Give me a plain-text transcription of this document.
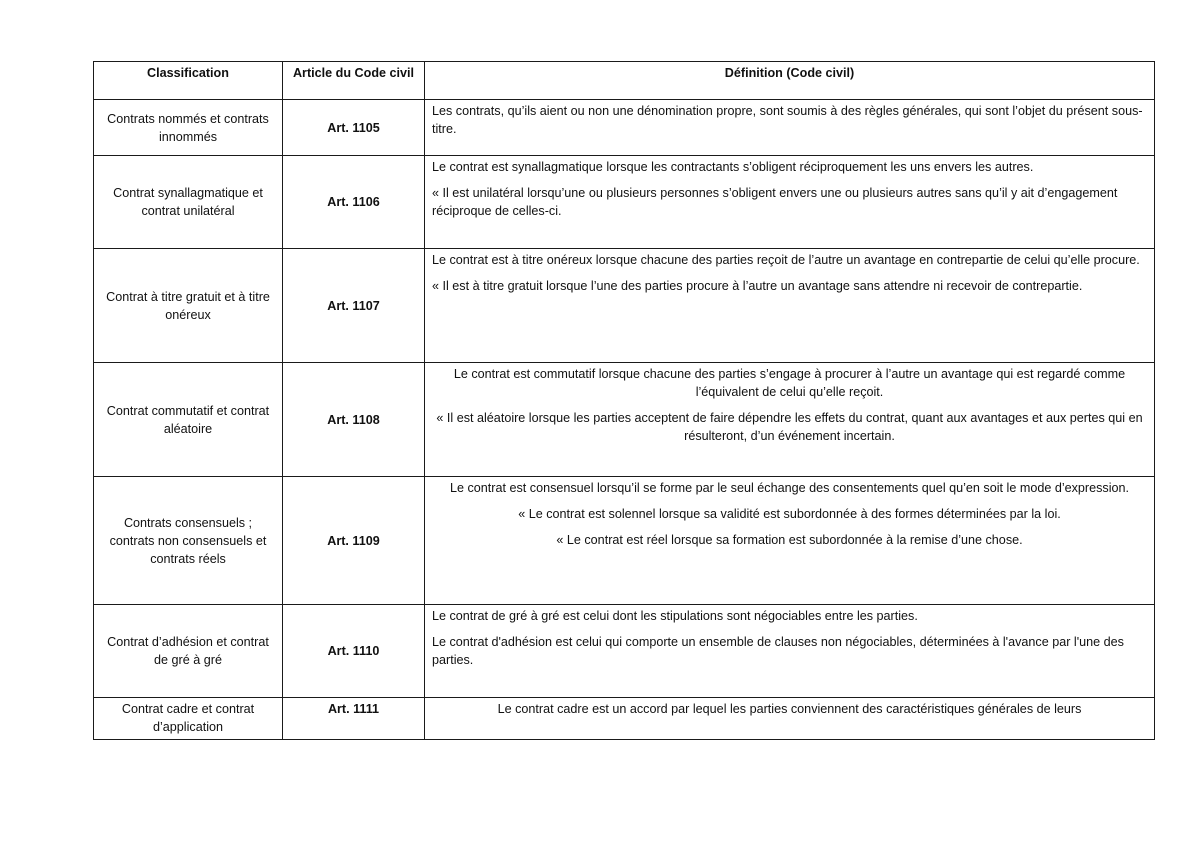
Classification	Article du Code civil	Définition (Code civil)
Contrats nommés et contrats innommés	Art. 1105	Les contrats, qu’ils aient ou non une dénomination propre, sont soumis à des règles générales, qui sont l’objet du présent sous-titre.

Contrat synallagmatique et contrat unilatéral	Art. 1106	Le contrat est synallagmatique lorsque les contractants s’obligent réciproquement les uns envers les autres.

« Il est unilatéral lorsqu’une ou plusieurs personnes s’obligent envers une ou plusieurs autres sans qu’il y ait d’engagement réciproque de celles-ci.

Contrat à titre gratuit et à titre onéreux	Art. 1107	Le contrat est à titre onéreux lorsque chacune des parties reçoit de l’autre un avantage en contrepartie de celui qu’elle procure.

« Il est à titre gratuit lorsque l’une des parties procure à l’autre un avantage sans attendre ni recevoir de contrepartie.

Contrat commutatif et contrat aléatoire	Art. 1108	Le contrat est commutatif lorsque chacune des parties s’engage à procurer à l’autre un avantage qui est regardé comme l’équivalent de celui qu’elle reçoit.

« Il est aléatoire lorsque les parties acceptent de faire dépendre les effets du contrat, quant aux avantages et aux pertes qui en résulteront, d’un événement incertain.

Contrats consensuels ; contrats non consensuels et contrats réels	Art. 1109	Le contrat est consensuel lorsqu’il se forme par le seul échange des consentements quel qu’en soit le mode d’expression.

« Le contrat est solennel lorsque sa validité est subordonnée à des formes déterminées par la loi.

« Le contrat est réel lorsque sa formation est subordonnée à la remise d’une chose.

Contrat d’adhésion et contrat de gré à gré	Art. 1110	Le contrat de gré à gré est celui dont les stipulations sont négociables entre les parties.

Le contrat d'adhésion est celui qui comporte un ensemble de clauses non négociables, déterminées à l'avance par l'une des parties.

Contrat cadre et contrat d’application	Art. 1111	Le contrat cadre est un accord par lequel les parties conviennent des caractéristiques générales de leurs
